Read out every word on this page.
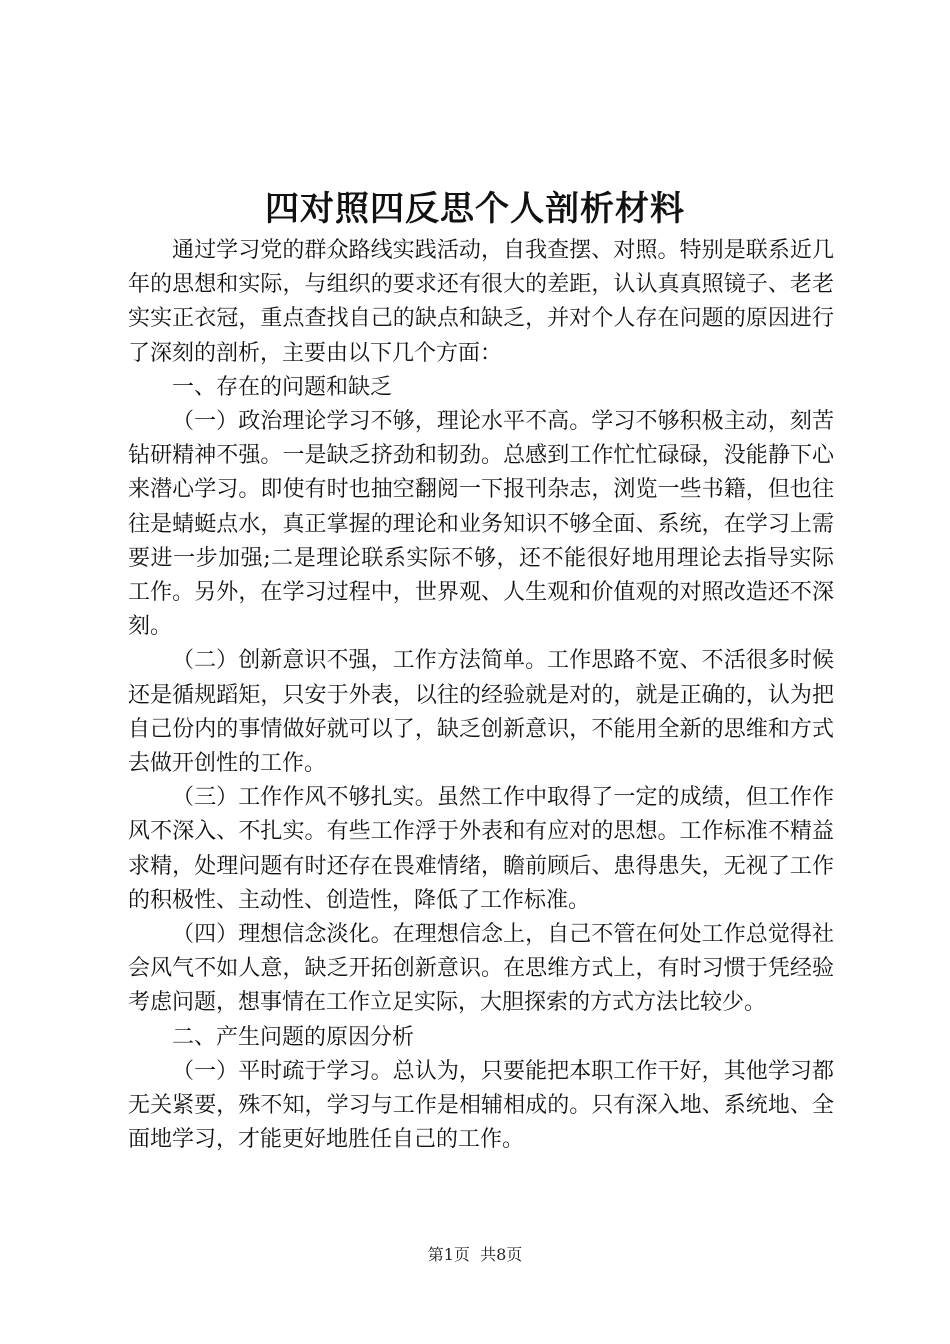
四对照四反思个人剖析材料

通过学习党的群众路线实践活动，自我查摆、对照。特别是联系近几年的思想和实际，与组织的要求还有很大的差距，认认真真照镜子、老老实实正衣冠，重点查找自己的缺点和缺乏，并对个人存在问题的原因进行了深刻的剖析，主要由以下几个方面：

一、存在的问题和缺乏

（一）政治理论学习不够，理论水平不高。学习不够积极主动，刻苦钻研精神不强。一是缺乏挤劲和韧劲。总感到工作忙忙碌碌，没能静下心来潜心学习。即使有时也抽空翻阅一下报刊杂志，浏览一些书籍，但也往往是蜻蜓点水，真正掌握的理论和业务知识不够全面、系统，在学习上需要进一步加强;二是理论联系实际不够，还不能很好地用理论去指导实际工作。另外，在学习过程中，世界观、人生观和价值观的对照改造还不深刻。

（二）创新意识不强，工作方法简单。工作思路不宽、不活很多时候还是循规蹈矩，只安于外表，以往的经验就是对的，就是正确的，认为把自己份内的事情做好就可以了，缺乏创新意识，不能用全新的思维和方式去做开创性的工作。

（三）工作作风不够扎实。虽然工作中取得了一定的成绩，但工作作风不深入、不扎实。有些工作浮于外表和有应对的思想。工作标准不精益求精，处理问题有时还存在畏难情绪，瞻前顾后、患得患失，无视了工作的积极性、主动性、创造性，降低了工作标准。

（四）理想信念淡化。在理想信念上，自己不管在何处工作总觉得社会风气不如人意，缺乏开拓创新意识。在思维方式上，有时习惯于凭经验考虑问题，想事情在工作立足实际，大胆探索的方式方法比较少。

二、产生问题的原因分析

（一）平时疏于学习。总认为，只要能把本职工作干好，其他学习都无关紧要，殊不知，学习与工作是相辅相成的。只有深入地、系统地、全面地学习，才能更好地胜任自己的工作。

第1页  共8页
